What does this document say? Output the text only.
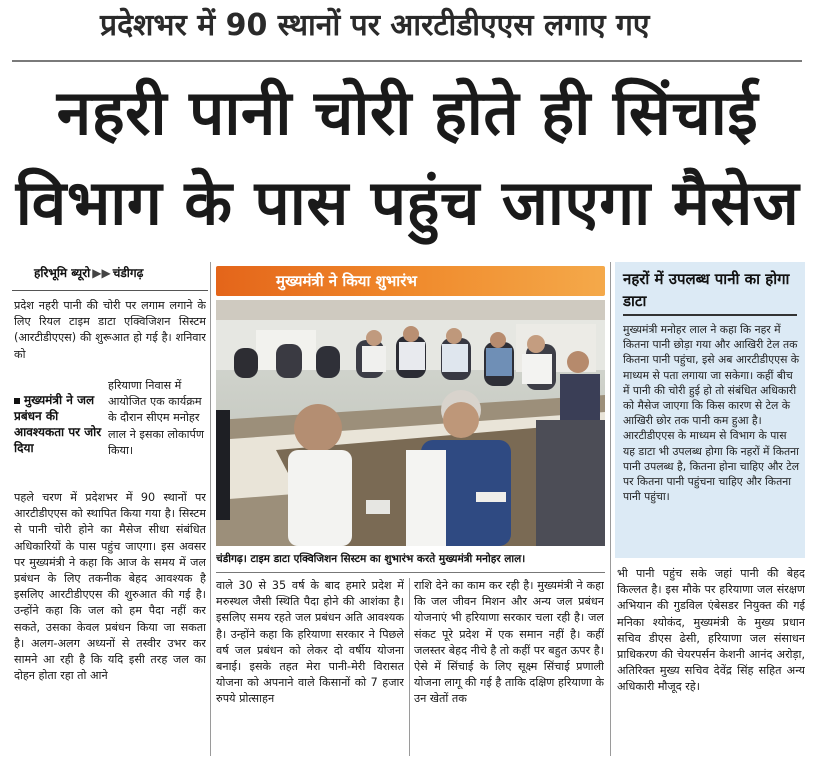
प्रदेशभर में 90 स्थानों पर आरटीडीएएस लगाए गए
नहरी पानी चोरी होते ही सिंचाई
विभाग के पास पहुंच जाएगा मैसेज
हरिभूमि ब्यूरो ▶▶ चंडीगढ़
प्रदेश नहरी पानी की चोरी पर लगाम लगाने के लिए रियल टाइम डाटा एक्विजिशन सिस्टम (आरटीडीएएस) की शुरूआत हो गई है। शनिवार को
मुख्यमंत्री ने जल प्रबंधन की आवश्यकता पर जोर दिया
हरियाणा निवास में आयोजित एक कार्यक्रम के दौरान सीएम मनोहर लाल ने इसका लोकार्पण किया।
पहले चरण में प्रदेशभर में 90 स्थानों पर आरटीडीएएस को स्थापित किया गया है। सिस्टम से पानी चोरी होने का मैसेज सीधा संबंधित अधिकारियों के पास पहुंच जाएगा। इस अवसर पर मुख्यमंत्री ने कहा कि आज के समय में जल प्रबंधन के लिए तकनीक बेहद आवश्यक है इसलिए आरटीडीएएस की शुरुआत की गई है। उन्होंने कहा कि जल को हम पैदा नहीं कर सकते, उसका केवल प्रबंधन किया जा सकता है। अलग-अलग अध्यनों से तस्वीर उभर कर सामने आ रही है कि यदि इसी तरह जल का दोहन होता रहा तो आने
मुख्यमंत्री ने किया शुभारंभ
चंडीगढ़। टाइम डाटा एक्विजिशन सिस्टम का शुभारंभ करते मुख्यमंत्री मनोहर लाल।
वाले 30 से 35 वर्ष के बाद हमारे प्रदेश में मरुस्थल जैसी स्थिति पैदा होने की आशंका है। इसलिए समय रहते जल प्रबंधन अति आवश्यक है। उन्होंने कहा कि हरियाणा सरकार ने पिछले वर्ष जल प्रबंधन को लेकर दो वर्षीय योजना बनाई। इसके तहत मेरा पानी-मेरी विरासत योजना को अपनाने वाले किसानों को 7 हजार रुपये प्रोत्साहन
राशि देने का काम कर रही है। मुख्यमंत्री ने कहा कि जल जीवन मिशन और अन्य जल प्रबंधन योजनाएं भी हरियाणा सरकार चला रही है। जल संकट पूरे प्रदेश में एक समान नहीं है। कहीं जलस्तर बेहद नीचे है तो कहीं पर बहुत ऊपर है। ऐसे में सिंचाई के लिए सूक्ष्म सिंचाई प्रणाली योजना लागू की गई है ताकि दक्षिण हरियाणा के उन खेतों तक
नहरों में उपलब्ध पानी का होगा डाटा
मुख्यमंत्री मनोहर लाल ने कहा कि नहर में कितना पानी छोड़ा गया और आखिरी टेल तक कितना पानी पहुंचा, इसे अब आरटीडीएएस के माध्यम से पता लगाया जा सकेगा। कहीं बीच में पानी की चोरी हुई हो तो संबंधित अधिकारी को मैसेज जाएगा कि किस कारण से टेल के आखिरी छोर तक पानी कम हुआ है। आरटीडीएएस के माध्यम से विभाग के पास यह डाटा भी उपलब्ध होगा कि नहरों में कितना पानी उपलब्ध है, कितना होना चाहिए और टेल पर कितना पानी पहुंचना चाहिए और कितना पानी पहुंचा।
भी पानी पहुंच सके जहां पानी की बेहद किल्लत है। इस मौके पर हरियाणा जल संरक्षण अभियान की गुडविल एंबेसडर नियुक्त की गई मनिका श्योकंद, मुख्यमंत्री के मुख्य प्रधान सचिव डीएस ढेसी, हरियाणा जल संसाधन प्राधिकरण की चेयरपर्सन केशनी आनंद अरोड़ा, अतिरिक्त मुख्य सचिव देवेंद्र सिंह सहित अन्य अधिकारी मौजूद रहे।
